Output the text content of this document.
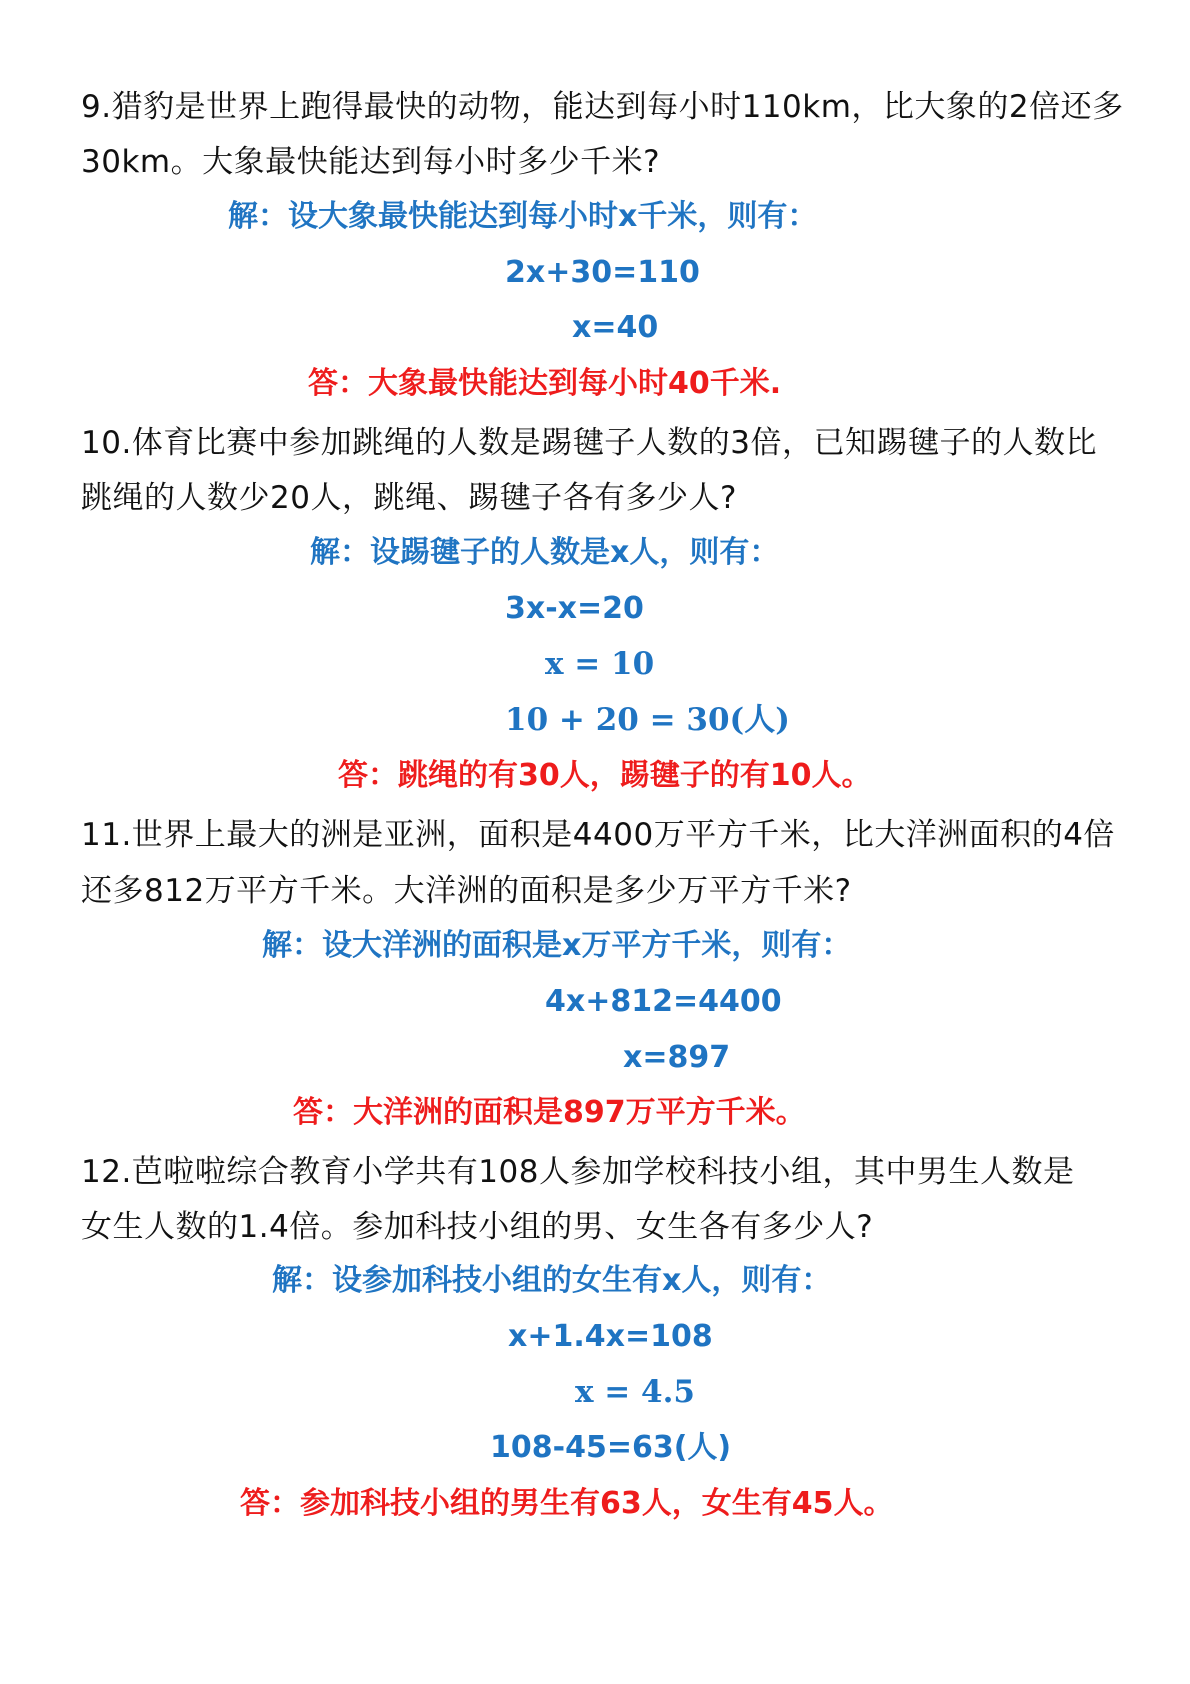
9.猎豹是世界上跑得最快的动物，能达到每小时110km，比大象的2倍还多

30km。大象最快能达到每小时多少千米?

解：设大象最快能达到每小时x千米，则有：

2x+30=110

x=40

答：大象最快能达到每小时40千米.

10.体育比赛中参加跳绳的人数是踢毽子人数的3倍，已知踢毽子的人数比

跳绳的人数少20人，跳绳、踢毽子各有多少人?

解：设踢毽子的人数是x人，则有：

3x-x=20

x = 10

10 + 20 = 30(人)

答：跳绳的有30人，踢毽子的有10人。

11.世界上最大的洲是亚洲，面积是4400万平方千米，比大洋洲面积的4倍

还多812万平方千米。大洋洲的面积是多少万平方千米?

解：设大洋洲的面积是x万平方千米，则有：

4x+812=4400

x=897

答：大洋洲的面积是897万平方千米。

12.芭啦啦综合教育小学共有108人参加学校科技小组，其中男生人数是

女生人数的1.4倍。参加科技小组的男、女生各有多少人?

解：设参加科技小组的女生有x人，则有：

x+1.4x=108

x = 4.5

108-45=63(人)

答：参加科技小组的男生有63人，女生有45人。
